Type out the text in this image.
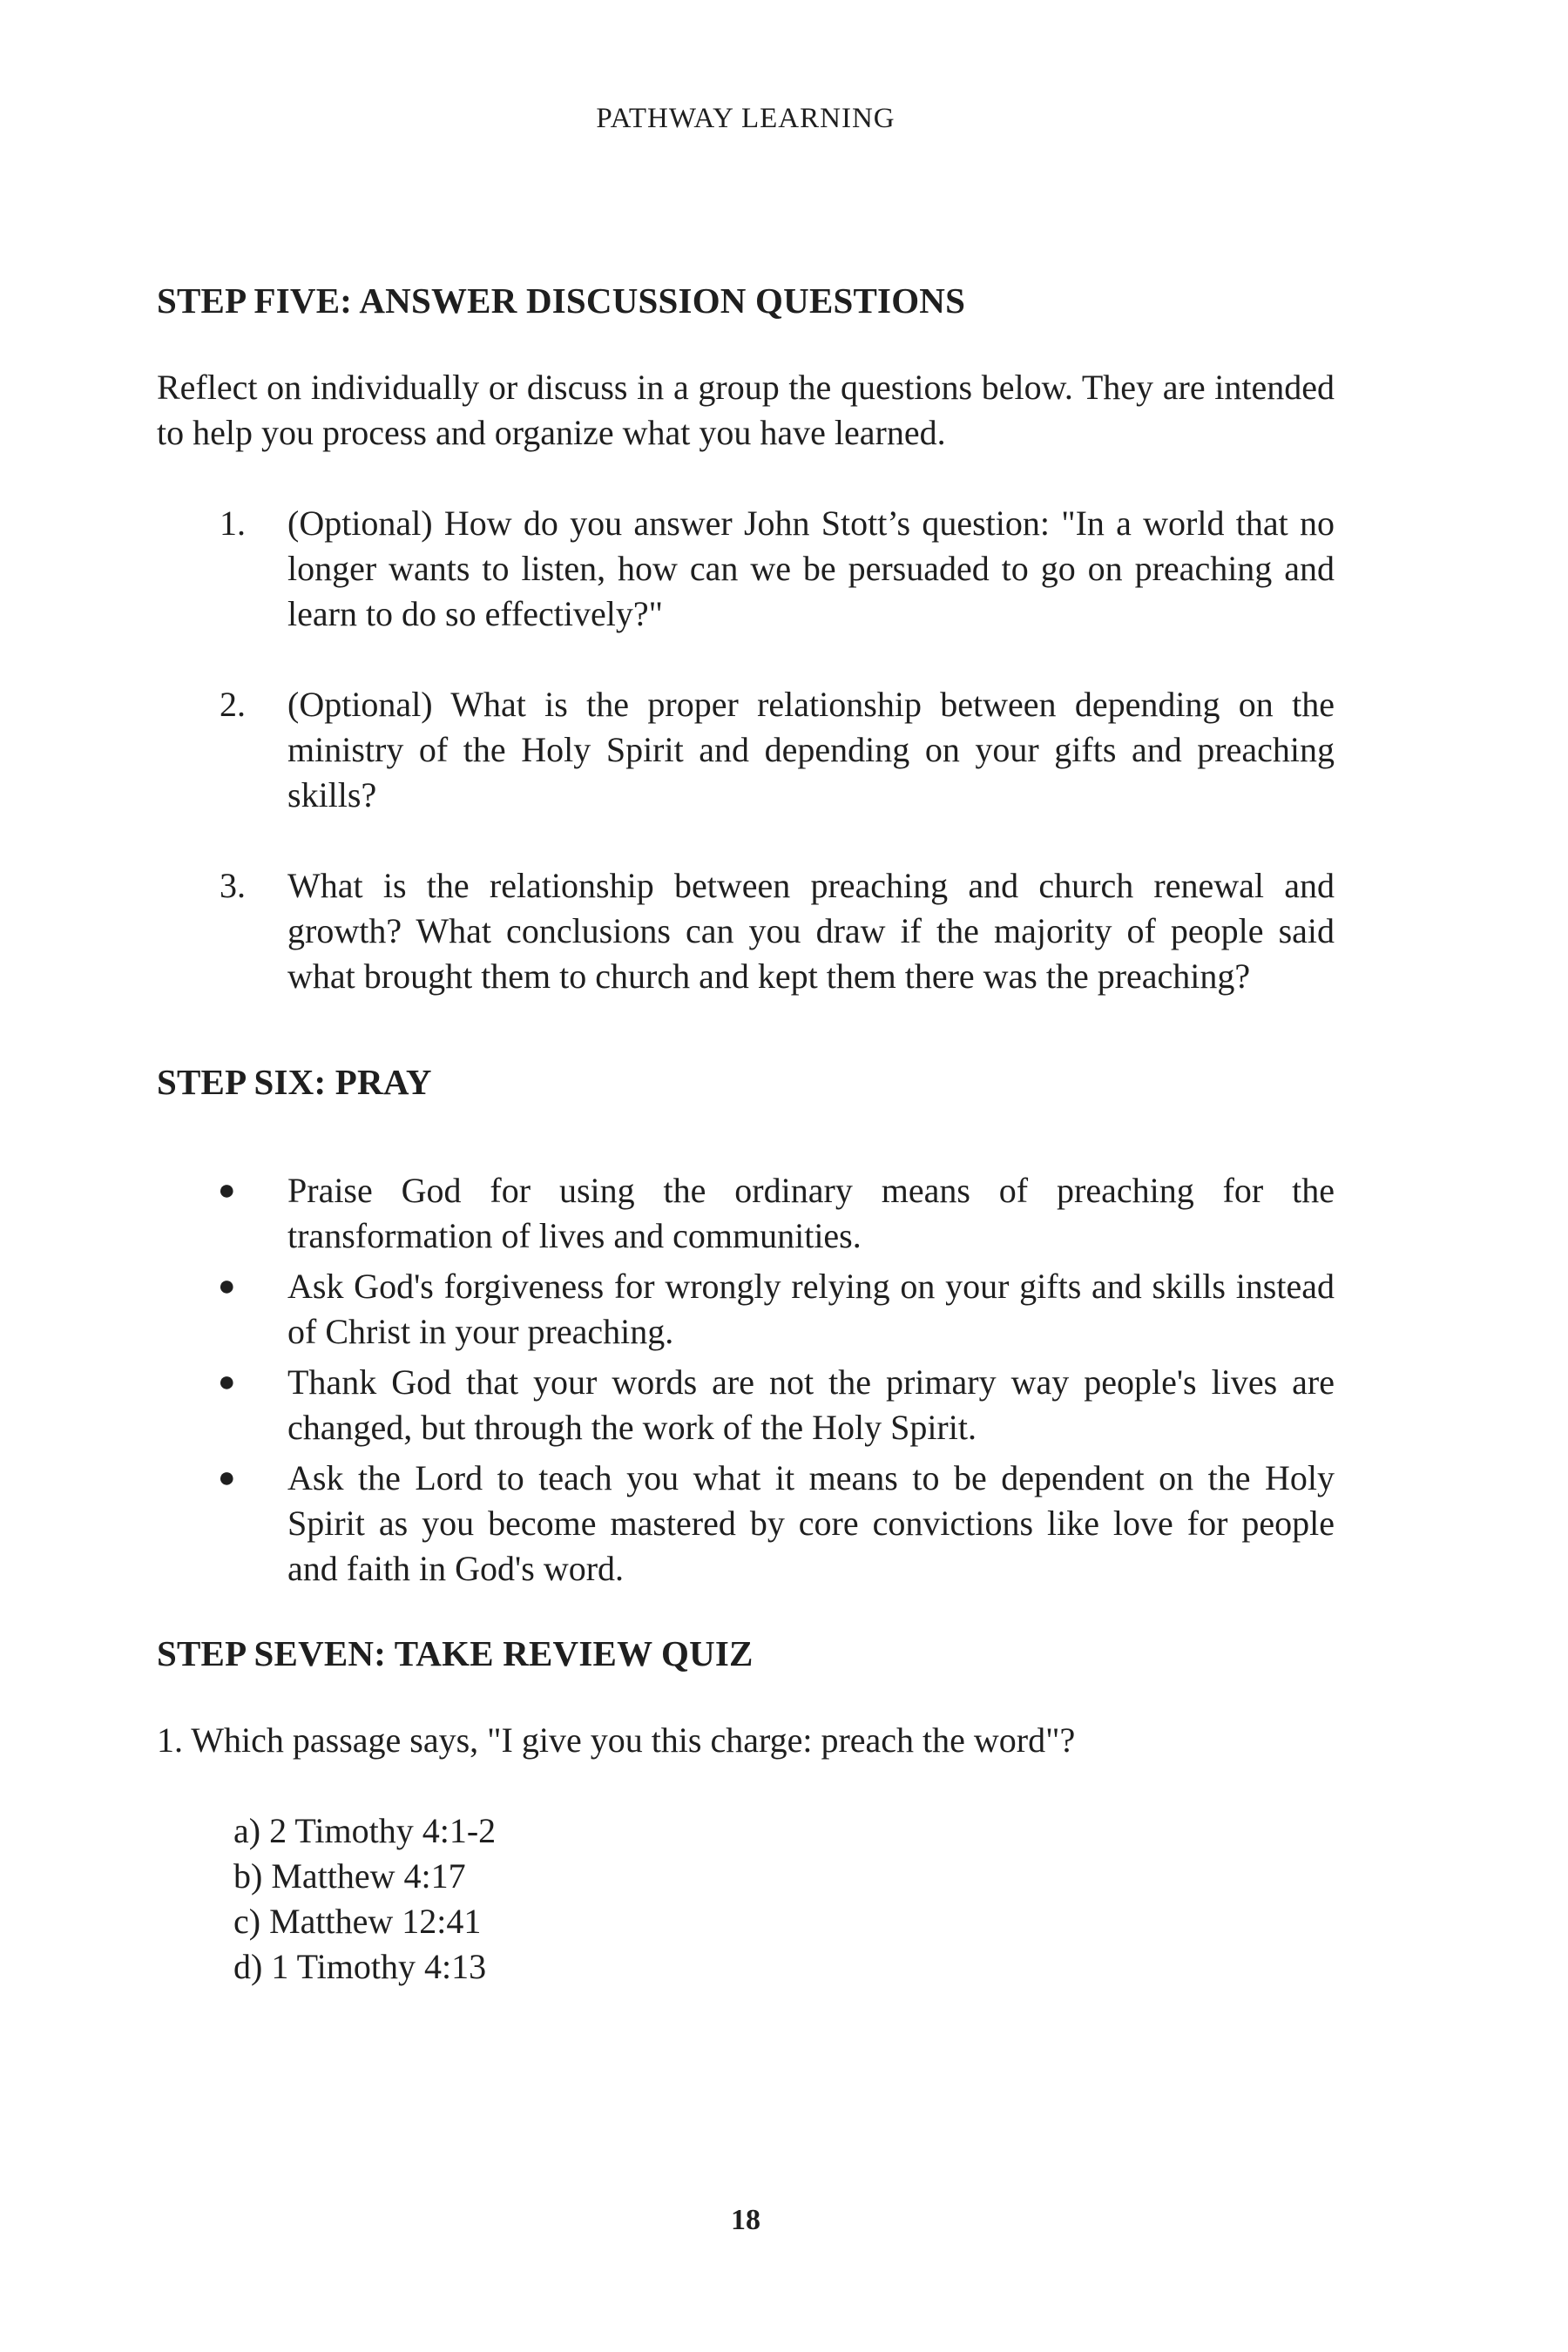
PATHWAY LEARNING
STEP FIVE: ANSWER DISCUSSION QUESTIONS

Reflect on individually or discuss in a group the questions below. They are intended to help you process and organize what you have learned.

1. (Optional) How do you answer John Stott’s question: "In a world that no longer wants to listen, how can we be persuaded to go on preaching and learn to do so effectively?"
2. (Optional) What is the proper relationship between depending on the ministry of the Holy Spirit and depending on your gifts and preaching skills?
3. What is the relationship between preaching and church renewal and growth? What conclusions can you draw if the majority of people said what brought them to church and kept them there was the preaching?
STEP SIX: PRAY
● Praise God for using the ordinary means of preaching for the transformation of lives and communities.
● Ask God's forgiveness for wrongly relying on your gifts and skills instead of Christ in your preaching.
● Thank God that your words are not the primary way people's lives are changed, but through the work of the Holy Spirit.
● Ask the Lord to teach you what it means to be dependent on the Holy Spirit as you become mastered by core convictions like love for people and faith in God's word.
STEP SEVEN: TAKE REVIEW QUIZ

1. Which passage says, "I give you this charge: preach the word"?

a) 2 Timothy 4:1-2
b) Matthew 4:17
c) Matthew 12:41
d) 1 Timothy 4:13
18
